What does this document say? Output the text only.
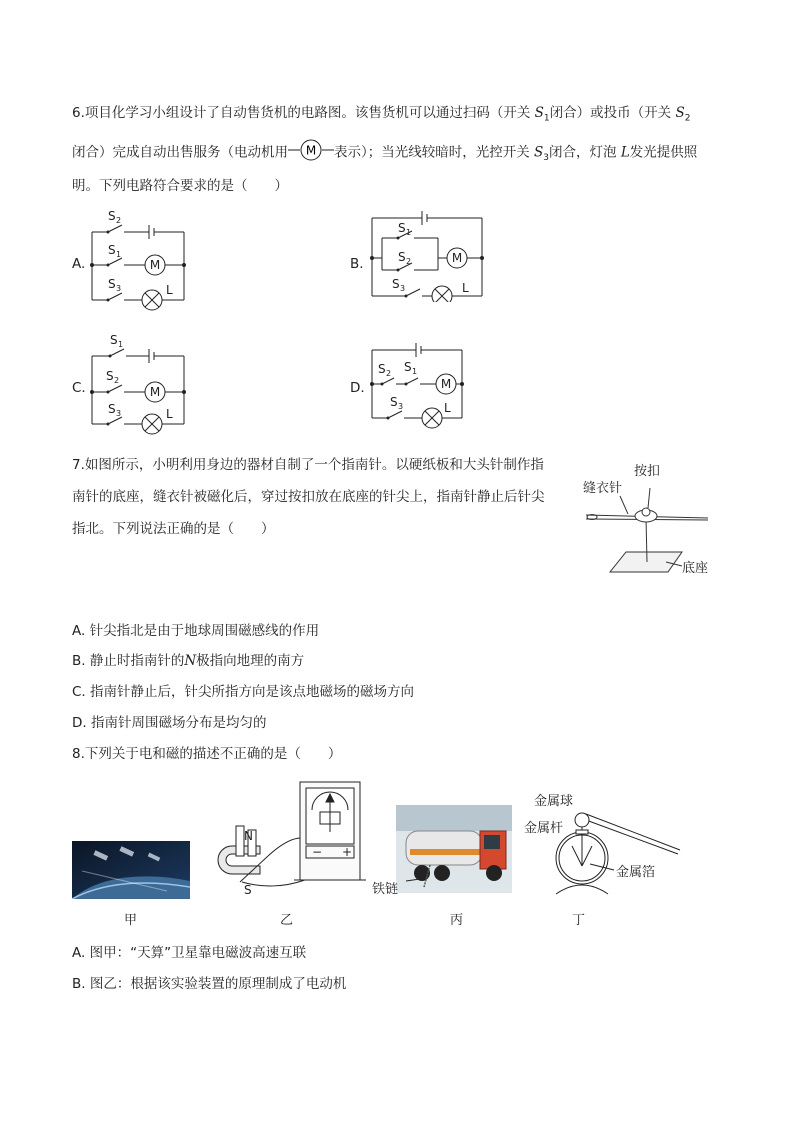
6.项目化学习小组设计了自动售货机的电路图。该售货机可以通过扫码（开关 $S_1$闭合）或投币（开关 $S_2$
闭合）完成自动出售服务（电动机用 M 表示）；当光线较暗时，光控开关 $S_3$闭合，灯泡 L发光提供照
明。下列电路符合要求的是（　　）
A.	B.
C.	D.
S 2
S 1
S 3
M
L
S 1
S 2
S 3
M
L
S 1
S 2
S 3
M
L
S 2 S 1
S 3
M
L
7.如图所示，小明利用身边的器材自制了一个指南针。以硬纸板和大头针制作指
南针的底座，缝衣针被磁化后，穿过按扣放在底座的针尖上，指南针静止后针尖
指北。下列说法正确的是（　　）
缝衣针
按扣
底座
A. 针尖指北是由于地球周围磁感线的作用
B. 静止时指南针的N极指向地理的南方
C. 指南针静止后，针尖所指方向是该点地磁场的磁场方向
D. 指南针周围磁场分布是均匀的
8.下列关于电和磁的描述不正确的是（　　）
N
S
− +
铁链
金属球
金属杆
金属箔
甲	乙	丙	丁
A. 图甲：“天算”卫星靠电磁波高速互联
B. 图乙：根据该实验装置的原理制成了电动机
